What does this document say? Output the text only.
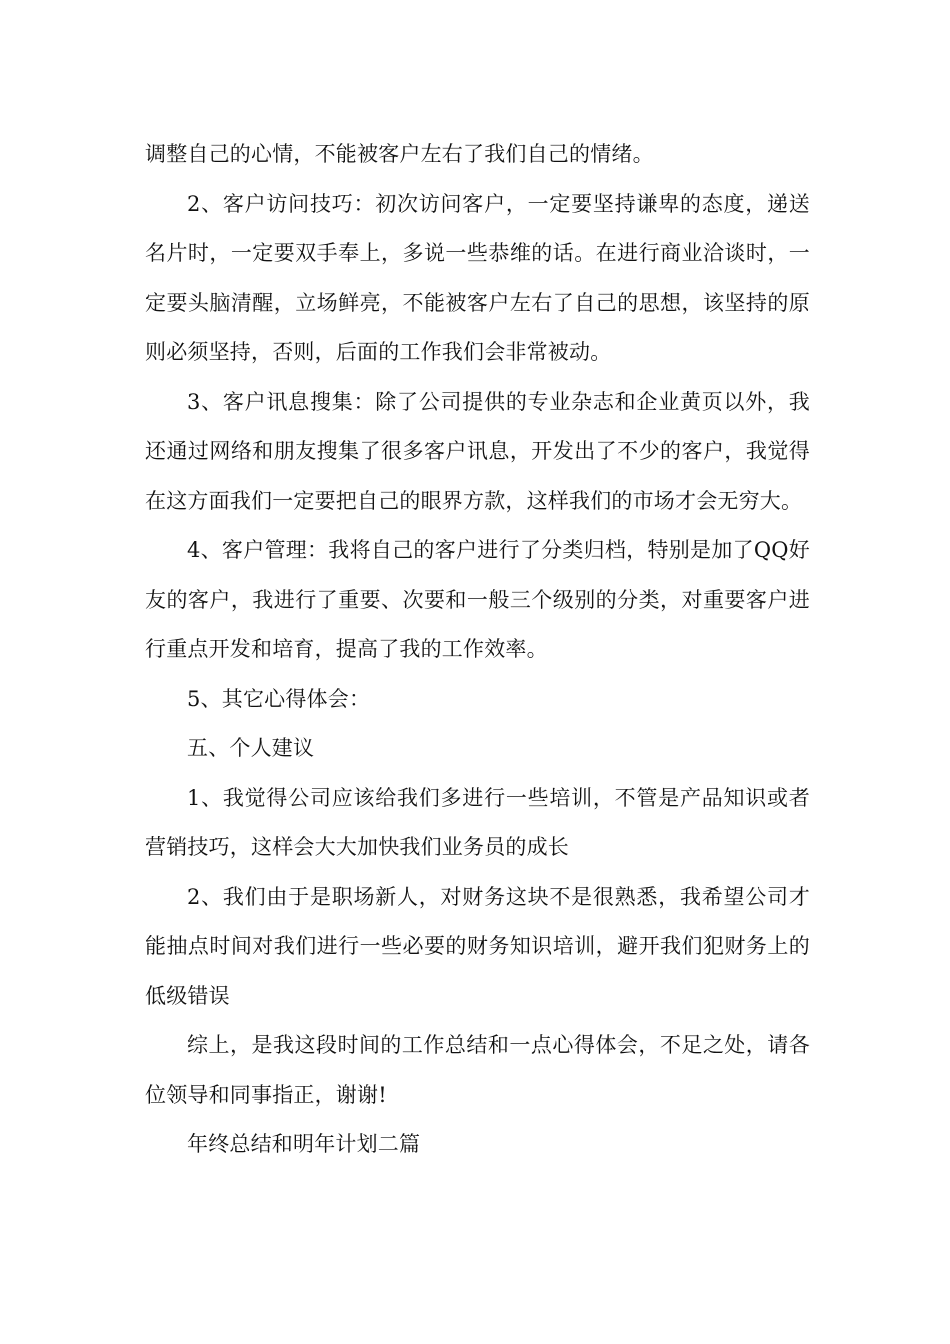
调整自己的心情，不能被客户左右了我们自己的情绪。

2、客户访问技巧：初次访问客户，一定要坚持谦卑的态度，递送名片时，一定要双手奉上，多说一些恭维的话。在进行商业洽谈时，一定要头脑清醒，立场鲜亮，不能被客户左右了自己的思想，该坚持的原则必须坚持，否则，后面的工作我们会非常被动。

3、客户讯息搜集：除了公司提供的专业杂志和企业黄页以外，我还通过网络和朋友搜集了很多客户讯息，开发出了不少的客户，我觉得在这方面我们一定要把自己的眼界方款，这样我们的市场才会无穷大。

4、客户管理：我将自己的客户进行了分类归档，特别是加了QQ好友的客户，我进行了重要、次要和一般三个级别的分类，对重要客户进行重点开发和培育，提高了我的工作效率。

5、其它心得体会：

五、个人建议

1、我觉得公司应该给我们多进行一些培训，不管是产品知识或者营销技巧，这样会大大加快我们业务员的成长

2、我们由于是职场新人，对财务这块不是很熟悉，我希望公司才能抽点时间对我们进行一些必要的财务知识培训，避开我们犯财务上的低级错误

综上，是我这段时间的工作总结和一点心得体会，不足之处，请各位领导和同事指正，谢谢!

年终总结和明年计划二篇
